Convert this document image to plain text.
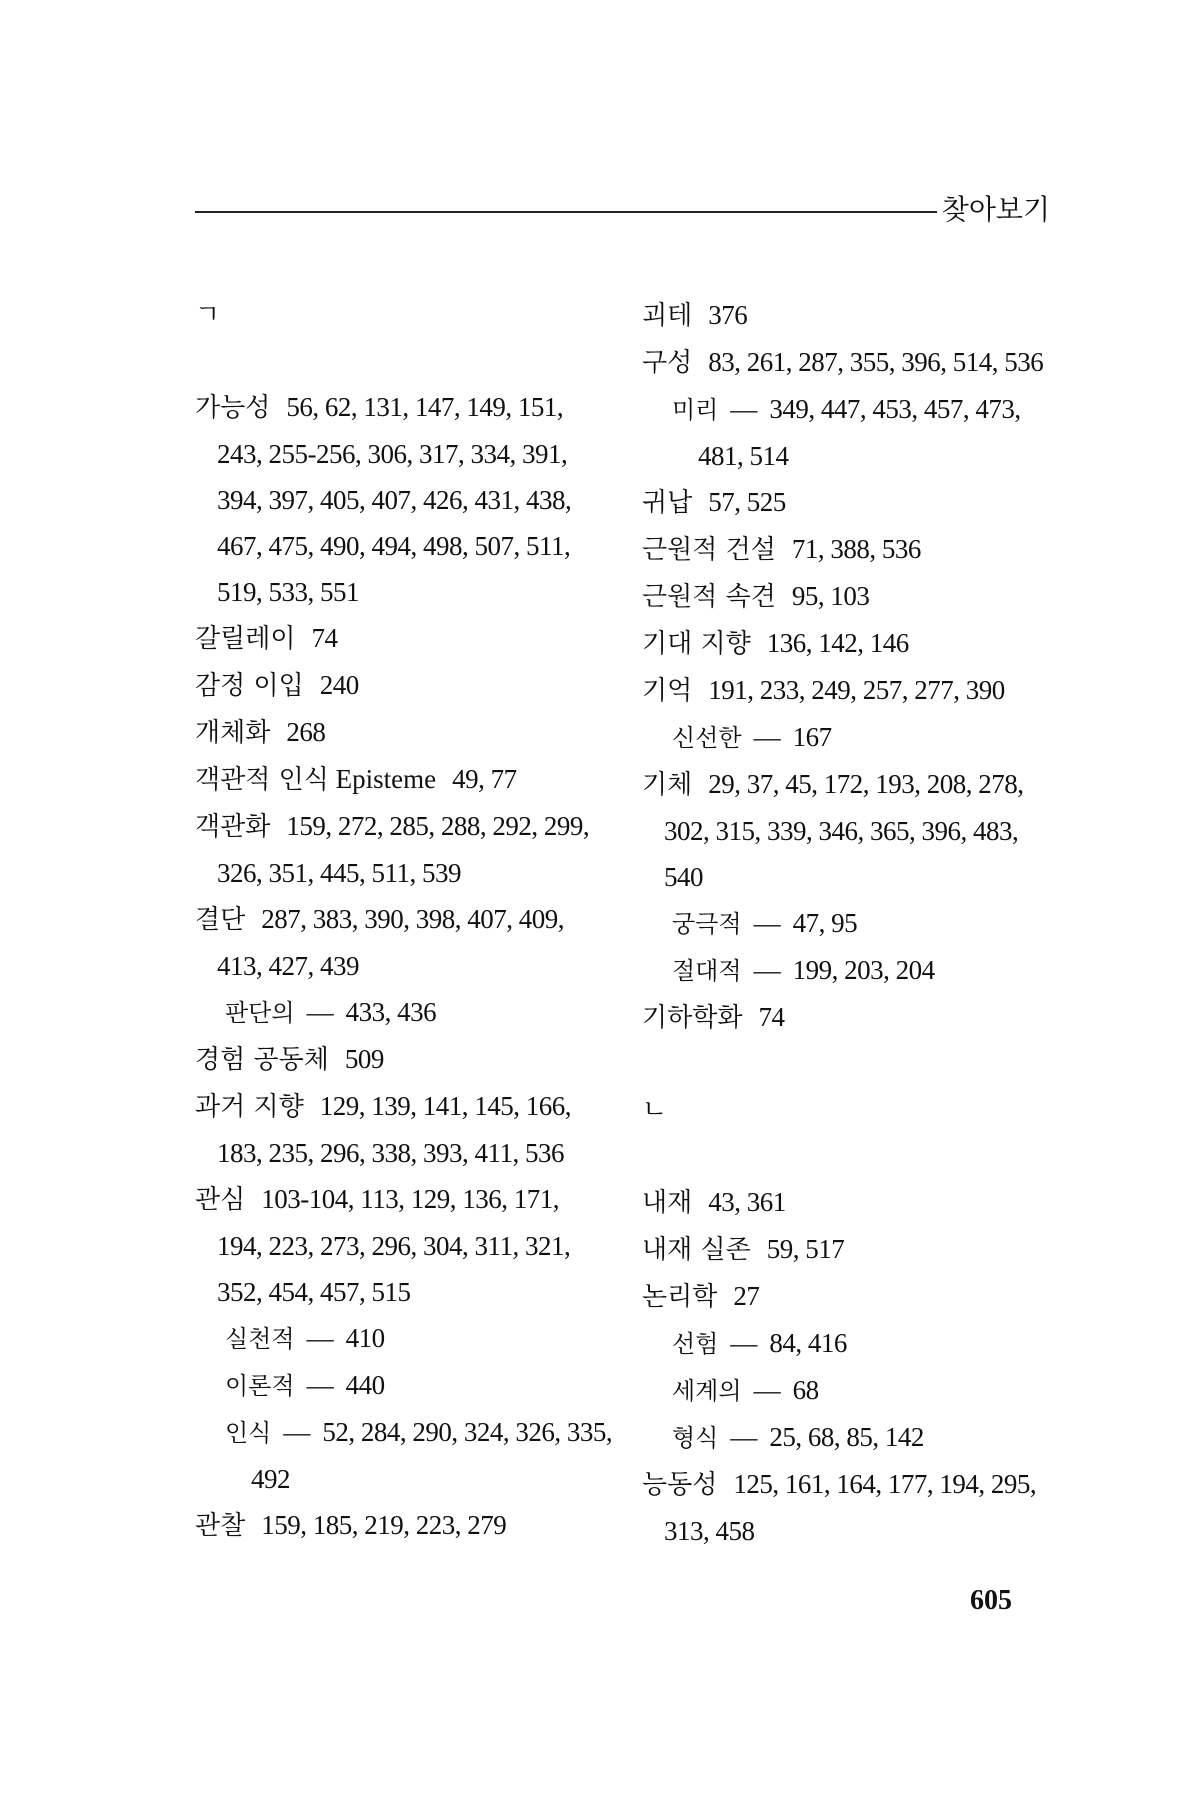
찾아보기
ㄱ
가능성 56, 62, 131, 147, 149, 151,
243, 255-256, 306, 317, 334, 391,
394, 397, 405, 407, 426, 431, 438,
467, 475, 490, 494, 498, 507, 511,
519, 533, 551
갈릴레이 74
감정 이입 240
개체화 268
객관적 인식 Episteme 49, 77
객관화 159, 272, 285, 288, 292, 299,
326, 351, 445, 511, 539
결단 287, 383, 390, 398, 407, 409,
413, 427, 439
판단의 — 433, 436
경험 공동체 509
과거 지향 129, 139, 141, 145, 166,
183, 235, 296, 338, 393, 411, 536
관심 103-104, 113, 129, 136, 171,
194, 223, 273, 296, 304, 311, 321,
352, 454, 457, 515
실천적 — 410
이론적 — 440
인식 — 52, 284, 290, 324, 326, 335,
492
관찰 159, 185, 219, 223, 279
괴테 376
구성 83, 261, 287, 355, 396, 514, 536
미리 — 349, 447, 453, 457, 473,
481, 514
귀납 57, 525
근원적 건설 71, 388, 536
근원적 속견 95, 103
기대 지향 136, 142, 146
기억 191, 233, 249, 257, 277, 390
신선한 — 167
기체 29, 37, 45, 172, 193, 208, 278,
302, 315, 339, 346, 365, 396, 483,
540
궁극적 — 47, 95
절대적 — 199, 203, 204
기하학화 74
ㄴ
내재 43, 361
내재 실존 59, 517
논리학 27
선험 — 84, 416
세계의 — 68
형식 — 25, 68, 85, 142
능동성 125, 161, 164, 177, 194, 295,
313, 458
605
